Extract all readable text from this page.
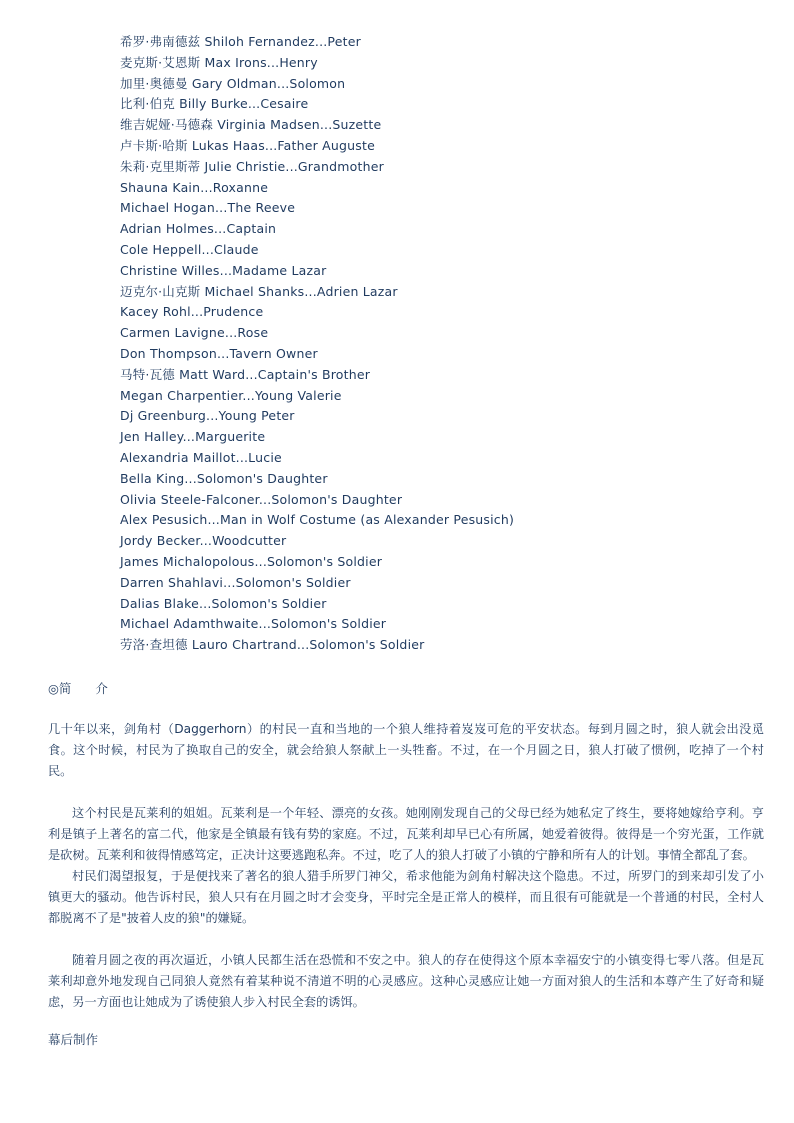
希罗·弗南德兹 Shiloh Fernandez...Peter
麦克斯·艾恩斯 Max Irons...Henry
加里·奥德曼 Gary Oldman...Solomon
比利·伯克 Billy Burke...Cesaire
维吉妮娅·马德森 Virginia Madsen...Suzette
卢卡斯·哈斯 Lukas Haas...Father Auguste
朱莉·克里斯蒂 Julie Christie...Grandmother
Shauna Kain...Roxanne
Michael Hogan...The Reeve
Adrian Holmes...Captain
Cole Heppell...Claude
Christine Willes...Madame Lazar
迈克尔·山克斯 Michael Shanks...Adrien Lazar
Kacey Rohl...Prudence
Carmen Lavigne...Rose
Don Thompson...Tavern Owner
马特·瓦德 Matt Ward...Captain's Brother
Megan Charpentier...Young Valerie
Dj Greenburg...Young Peter
Jen Halley...Marguerite
Alexandria Maillot...Lucie
Bella King...Solomon's Daughter
Olivia Steele-Falconer...Solomon's Daughter
Alex Pesusich...Man in Wolf Costume (as Alexander Pesusich)
Jordy Becker...Woodcutter
James Michalopolous...Solomon's Soldier
Darren Shahlavi...Solomon's Soldier
Dalias Blake...Solomon's Soldier
Michael Adamthwaite...Solomon's Soldier
劳洛·查坦德 Lauro Chartrand...Solomon's Soldier
◎简 介

几十年以来，剑角村（Daggerhorn）的村民一直和当地的一个狼人维持着岌岌可危的平安状态。每到月圆之时，狼人就会出没觅食。这个时候，村民为了换取自己的安全，就会给狼人祭献上一头牲畜。不过，在一个月圆之日，狼人打破了惯例，吃掉了一个村民。

这个村民是瓦莱利的姐姐。瓦莱利是一个年轻、漂亮的女孩。她刚刚发现自己的父母已经为她私定了终生，要将她嫁给亨利。亨利是镇子上著名的富二代，他家是全镇最有钱有势的家庭。不过，瓦莱利却早已心有所属，她爱着彼得。彼得是一个穷光蛋，工作就是砍树。瓦莱利和彼得情感笃定，正决计这要逃跑私奔。不过，吃了人的狼人打破了小镇的宁静和所有人的计划。事情全都乱了套。

村民们渴望报复，于是便找来了著名的狼人猎手所罗门神父，希求他能为剑角村解决这个隐患。不过，所罗门的到来却引发了小镇更大的骚动。他告诉村民，狼人只有在月圆之时才会变身，平时完全是正常人的模样，而且很有可能就是一个普通的村民，全村人都脱离不了是"披着人皮的狼"的嫌疑。

随着月圆之夜的再次逼近，小镇人民都生活在恐慌和不安之中。狼人的存在使得这个原本幸福安宁的小镇变得七零八落。但是瓦莱利却意外地发现自己同狼人竟然有着某种说不清道不明的心灵感应。这种心灵感应让她一方面对狼人的生活和本尊产生了好奇和疑虑，另一方面也让她成为了诱使狼人步入村民全套的诱饵。

幕后制作
